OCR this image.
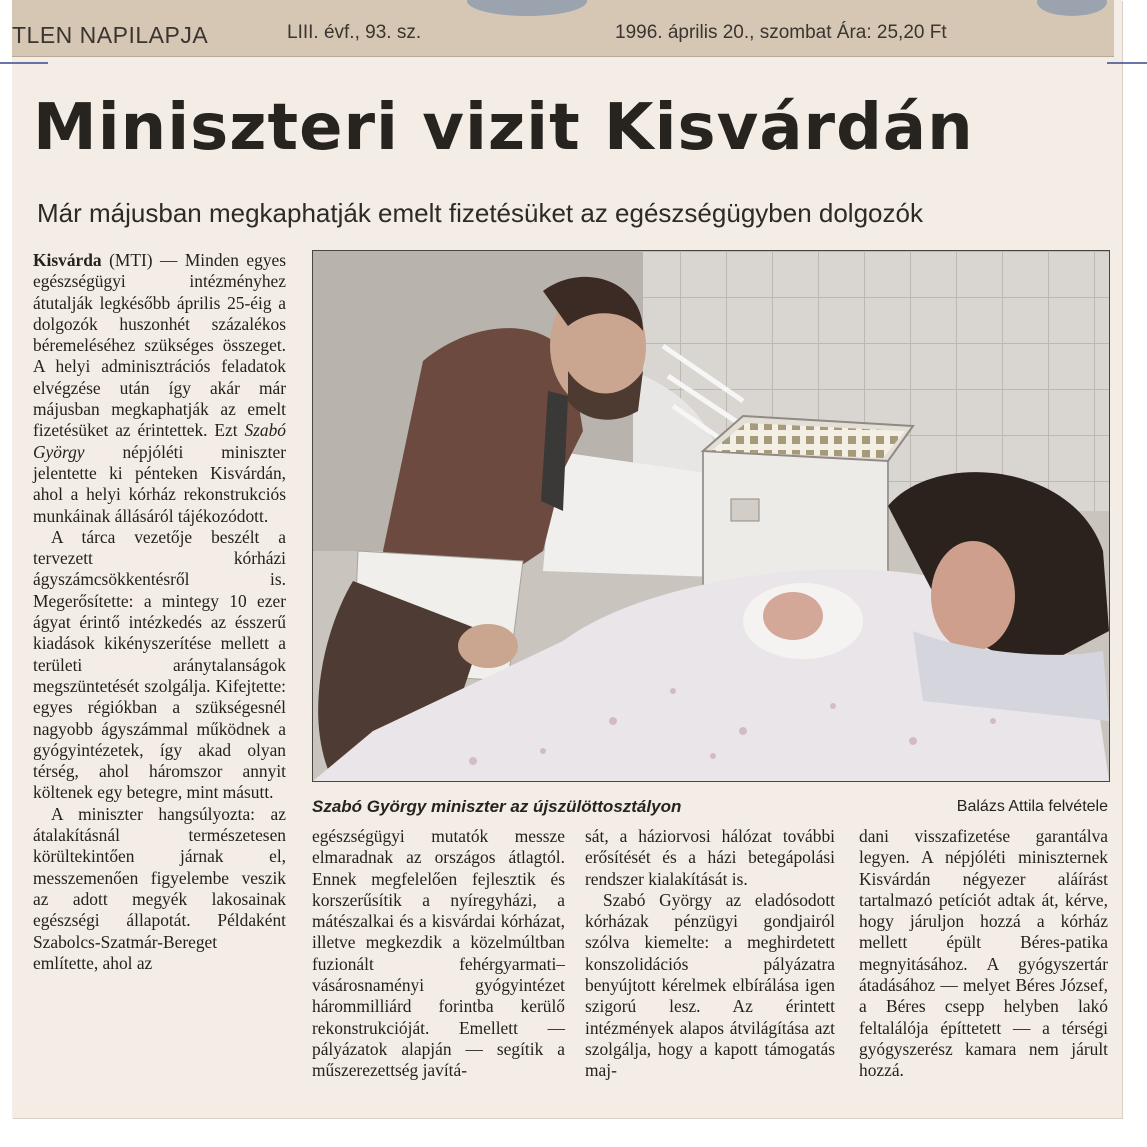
TLEN NAPILAPJA	LIII. évf., 93. sz.	1996. április 20., szombat Ára: 25,20 Ft
Miniszteri vizit Kisvárdán
Már májusban megkaphatják emelt fizetésüket az egészségügyben dolgozók

Kisvárda (MTI) — Minden egyes egészségügyi intézményhez átutalják legkésőbb április 25-éig a dolgozók huszonhét százalékos béremeléséhez szükséges összeget. A helyi adminisztrációs feladatok elvégzése után így akár már májusban megkaphatják az emelt fizetésüket az érintettek. Ezt Szabó György népjóléti miniszter jelentette ki pénteken Kisvárdán, ahol a helyi kórház rekonstrukciós munkáinak állásáról tájékozódott.

A tárca vezetője beszélt a tervezett kórházi ágyszámcsökkentésről is. Megerősítette: a mintegy 10 ezer ágyat érintő intézkedés az ésszerű kiadások kikényszerítése mellett a területi aránytalanságok megszüntetését szolgálja. Kifejtette: egyes régiókban a szükségesnél nagyobb ágyszámmal működnek a gyógyintézetek, így akad olyan térség, ahol háromszor annyit költenek egy betegre, mint másutt.

A miniszter hangsúlyozta: az átalakításnál természetesen körültekintően járnak el, messzemenően figyelembe veszik az adott megyék lakosainak egészségi állapotát. Példaként Szabolcs-Szatmár-Bereget említette, ahol az

Szabó György miniszter az újszülöttosztályon	Balázs Attila felvétele

egészségügyi mutatók messze elmaradnak az országos átlagtól. Ennek megfelelően fejlesztik és korszerűsítik a nyíregyházi, a mátészalkai és a kisvárdai kórházat, illetve megkezdik a közelmúltban fuzionált fehérgyarmati–vásárosnaményi gyógyintézet hárommilliárd forintba kerülő rekonstrukcióját. Emellett — pályázatok alapján — segítik a műszerezettség javítá-

sát, a háziorvosi hálózat további erősítését és a házi betegápolási rendszer kialakítását is.

Szabó György az eladósodott kórházak pénzügyi gondjairól szólva kiemelte: a meghirdetett konszolidációs pályázatra benyújtott kérelmek elbírálása igen szigorú lesz. Az érintett intézmények alapos átvilágítása azt szolgálja, hogy a kapott támogatás maj-

dani visszafizetése garantálva legyen. A népjóléti miniszternek Kisvárdán négyezer aláírást tartalmazó petíciót adtak át, kérve, hogy járuljon hozzá a kórház mellett épült Béres-patika megnyitásához. A gyógyszertár átadásához — melyet Béres József, a Béres csepp helyben lakó feltalálója építtetett — a térségi gyógyszerész kamara nem járult hozzá.
